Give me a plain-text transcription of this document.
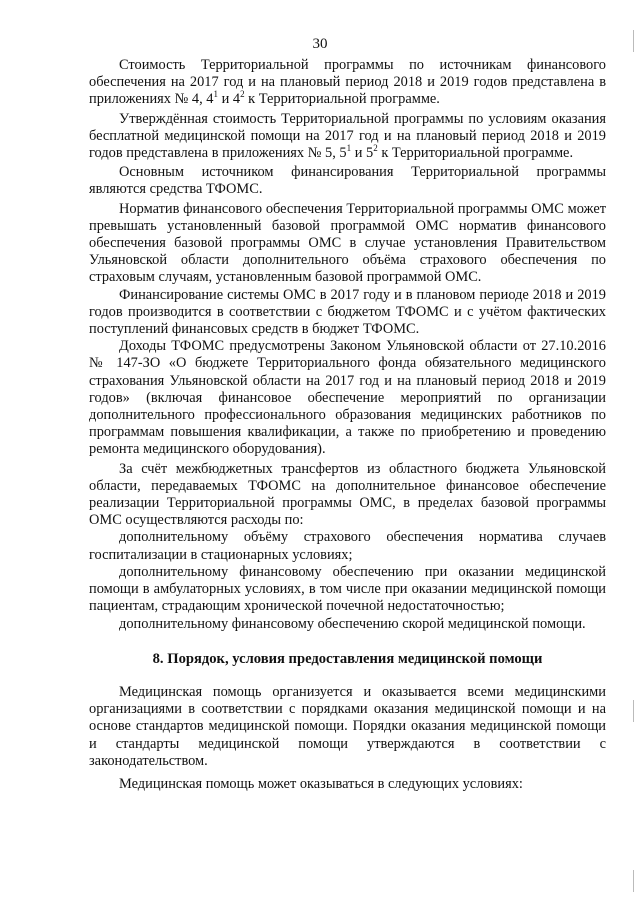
30

Стоимость Территориальной программы по источникам финансового обеспечения на 2017 год и на плановый период 2018 и 2019 годов представлена в приложениях № 4, $4^1$ и $4^2$ к Территориальной программе.

Утверждённая стоимость Территориальной программы по условиям оказания бесплатной медицинской помощи на 2017 год и на плановый период 2018 и 2019 годов представлена в приложениях № 5, $5^1$ и $5^2$ к Территориальной программе.

Основным источником финансирования Территориальной программы являются средства ТФОМС.

Норматив финансового обеспечения Территориальной программы ОМС может превышать установленный базовой программой ОМС норматив финансового обеспечения базовой программы ОМС в случае установления Правительством Ульяновской области дополнительного объёма страхового обеспечения по страховым случаям, установленным базовой программой ОМС.

Финансирование системы ОМС в 2017 году и в плановом периоде 2018 и 2019 годов производится в соответствии с бюджетом ТФОМС и с учётом фактических поступлений финансовых средств в бюджет ТФОМС.

Доходы ТФОМС предусмотрены Законом Ульяновской области от 27.10.2016 № 147-ЗО «О бюджете Территориального фонда обязательного медицинского страхования Ульяновской области на 2017 год и на плановый период 2018 и 2019 годов» (включая финансовое обеспечение мероприятий по организации дополнительного профессионального образования медицинских работников по программам повышения квалификации, а также по приобретению и проведению ремонта медицинского оборудования).

За счёт межбюджетных трансфертов из областного бюджета Ульяновской области, передаваемых ТФОМС на дополнительное финансовое обеспечение реализации Территориальной программы ОМС, в пределах базовой программы ОМС осуществляются расходы по:

дополнительному объёму страхового обеспечения норматива случаев госпитализации в стационарных условиях;

дополнительному финансовому обеспечению при оказании медицинской помощи в амбулаторных условиях, в том числе при оказании медицинской помощи пациентам, страдающим хронической почечной недостаточностью;

дополнительному финансовому обеспечению скорой медицинской помощи.

8. Порядок, условия предоставления медицинской помощи

Медицинская помощь организуется и оказывается всеми медицинскими организациями в соответствии с порядками оказания медицинской помощи и на основе стандартов медицинской помощи. Порядки оказания медицинской помощи и стандарты медицинской помощи утверждаются в соответствии с законодательством.

Медицинская помощь может оказываться в следующих условиях:
